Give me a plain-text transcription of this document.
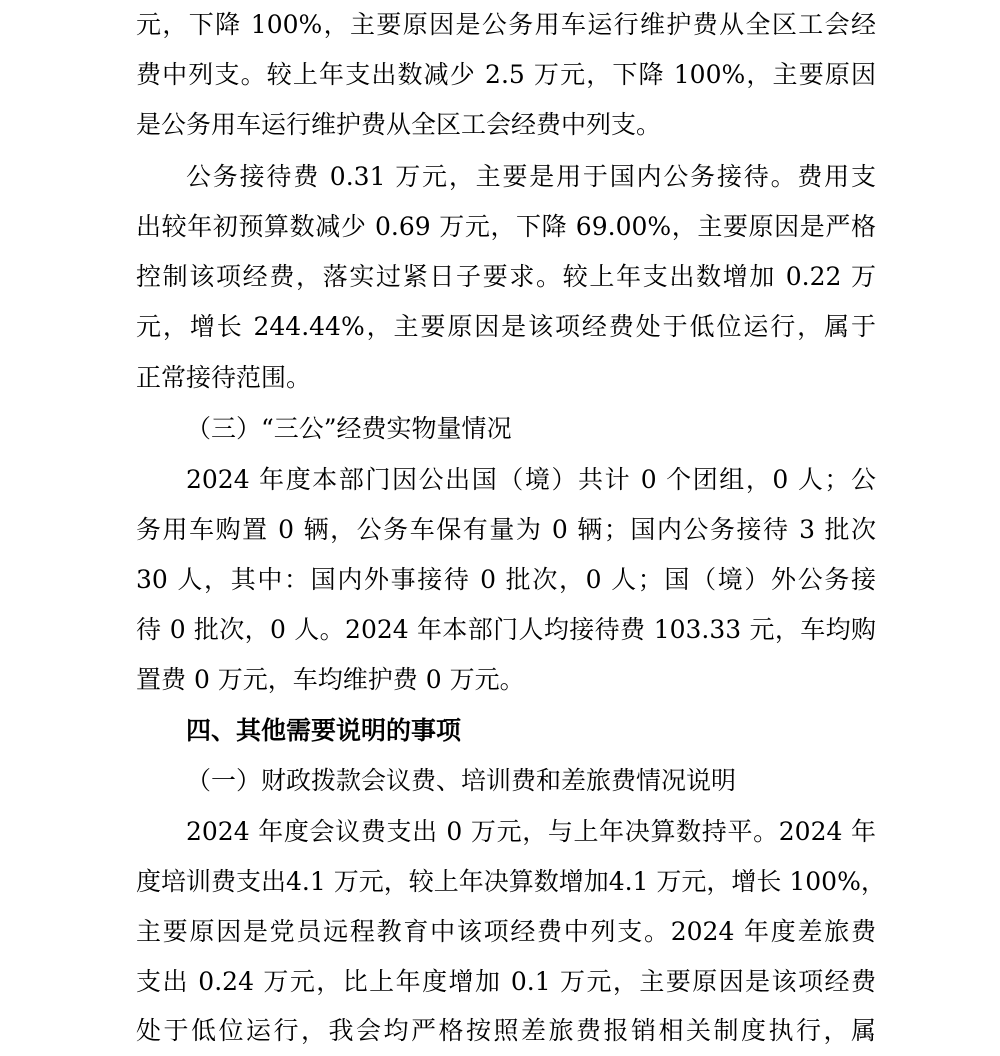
元，下降 100%，主要原因是公务用车运行维护费从全区工会经
费中列支。较上年支出数减少 2.5 万元，下降 100%，主要原因
是公务用车运行维护费从全区工会经费中列支。
公务接待费 0.31 万元，主要是用于国内公务接待。费用支
出较年初预算数减少 0.69 万元，下降 69.00%，主要原因是严格
控制该项经费，落实过紧日子要求。较上年支出数增加 0.22 万
元，增长 244.44%，主要原因是该项经费处于低位运行，属于
正常接待范围。
（三）“三公”经费实物量情况
2024 年度本部门因公出国（境）共计 0 个团组，0 人；公
务用车购置 0 辆，公务车保有量为 0 辆；国内公务接待 3 批次
30 人，其中：国内外事接待 0 批次，0 人；国（境）外公务接
待 0 批次，0 人。2024 年本部门人均接待费 103.33 元，车均购
置费 0 万元，车均维护费 0 万元。
四、其他需要说明的事项
（一）财政拨款会议费、培训费和差旅费情况说明
2024 年度会议费支出 0 万元，与上年决算数持平。2024 年
度培训费支出4.1 万元，较上年决算数增加4.1 万元，增长 100%，
主要原因是党员远程教育中该项经费中列支。2024 年度差旅费
支出 0.24 万元，比上年度增加 0.1 万元，主要原因是该项经费
处于低位运行，我会均严格按照差旅费报销相关制度执行，属
